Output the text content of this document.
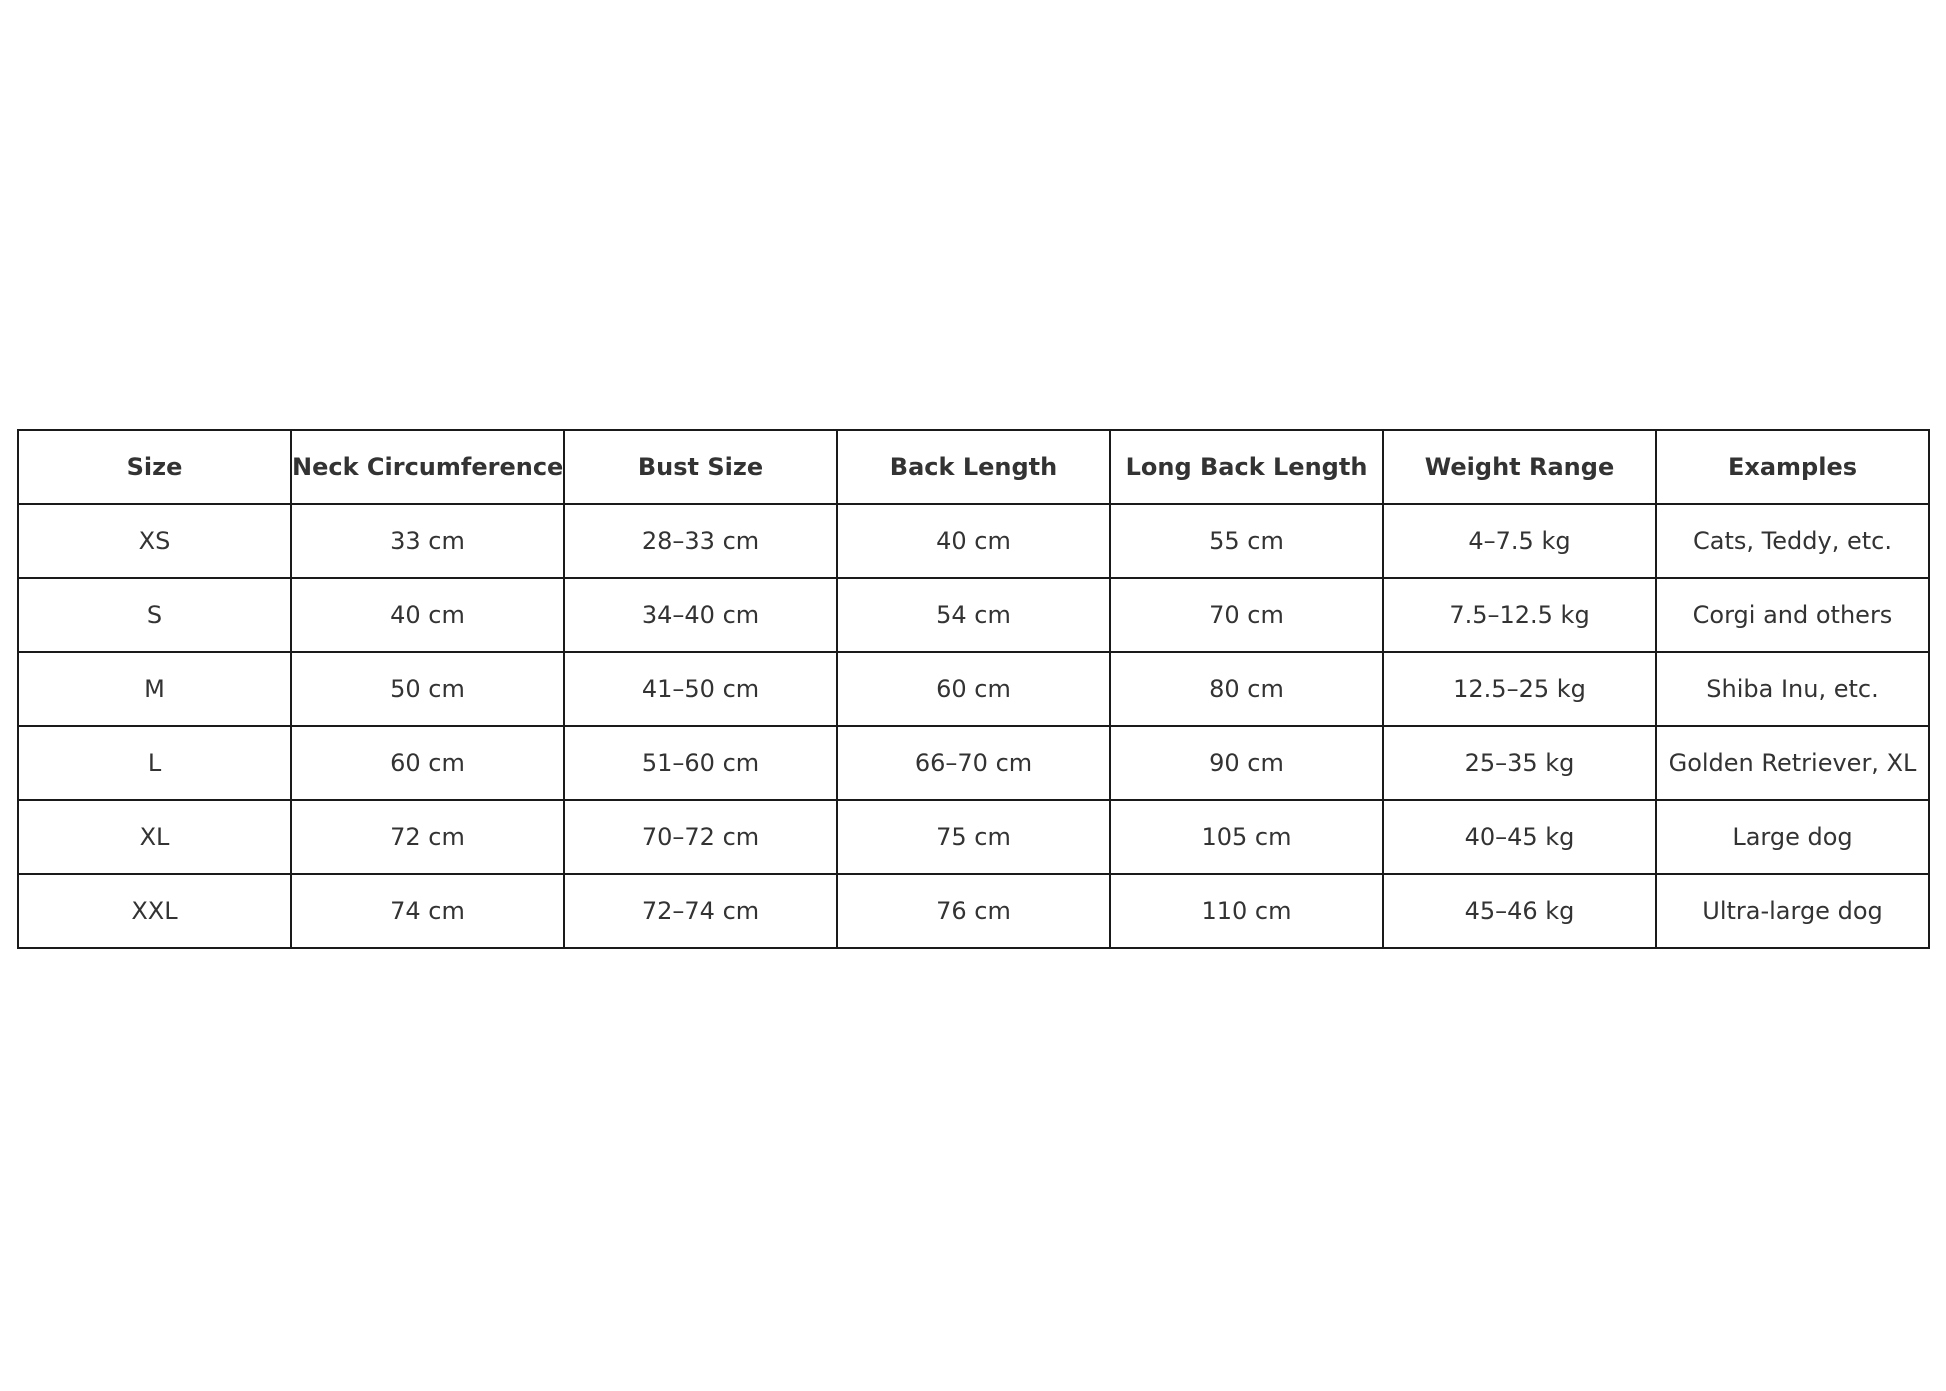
Size	Neck Circumference	Bust Size	Back Length	Long Back Length	Weight Range	Examples
XS	33 cm	28–33 cm	40 cm	55 cm	4–7.5 kg	Cats, Teddy, etc.
S	40 cm	34–40 cm	54 cm	70 cm	7.5–12.5 kg	Corgi and others
M	50 cm	41–50 cm	60 cm	80 cm	12.5–25 kg	Shiba Inu, etc.
L	60 cm	51–60 cm	66–70 cm	90 cm	25–35 kg	Golden Retriever, XL
XL	72 cm	70–72 cm	75 cm	105 cm	40–45 kg	Large dog
XXL	74 cm	72–74 cm	76 cm	110 cm	45–46 kg	Ultra-large dog
